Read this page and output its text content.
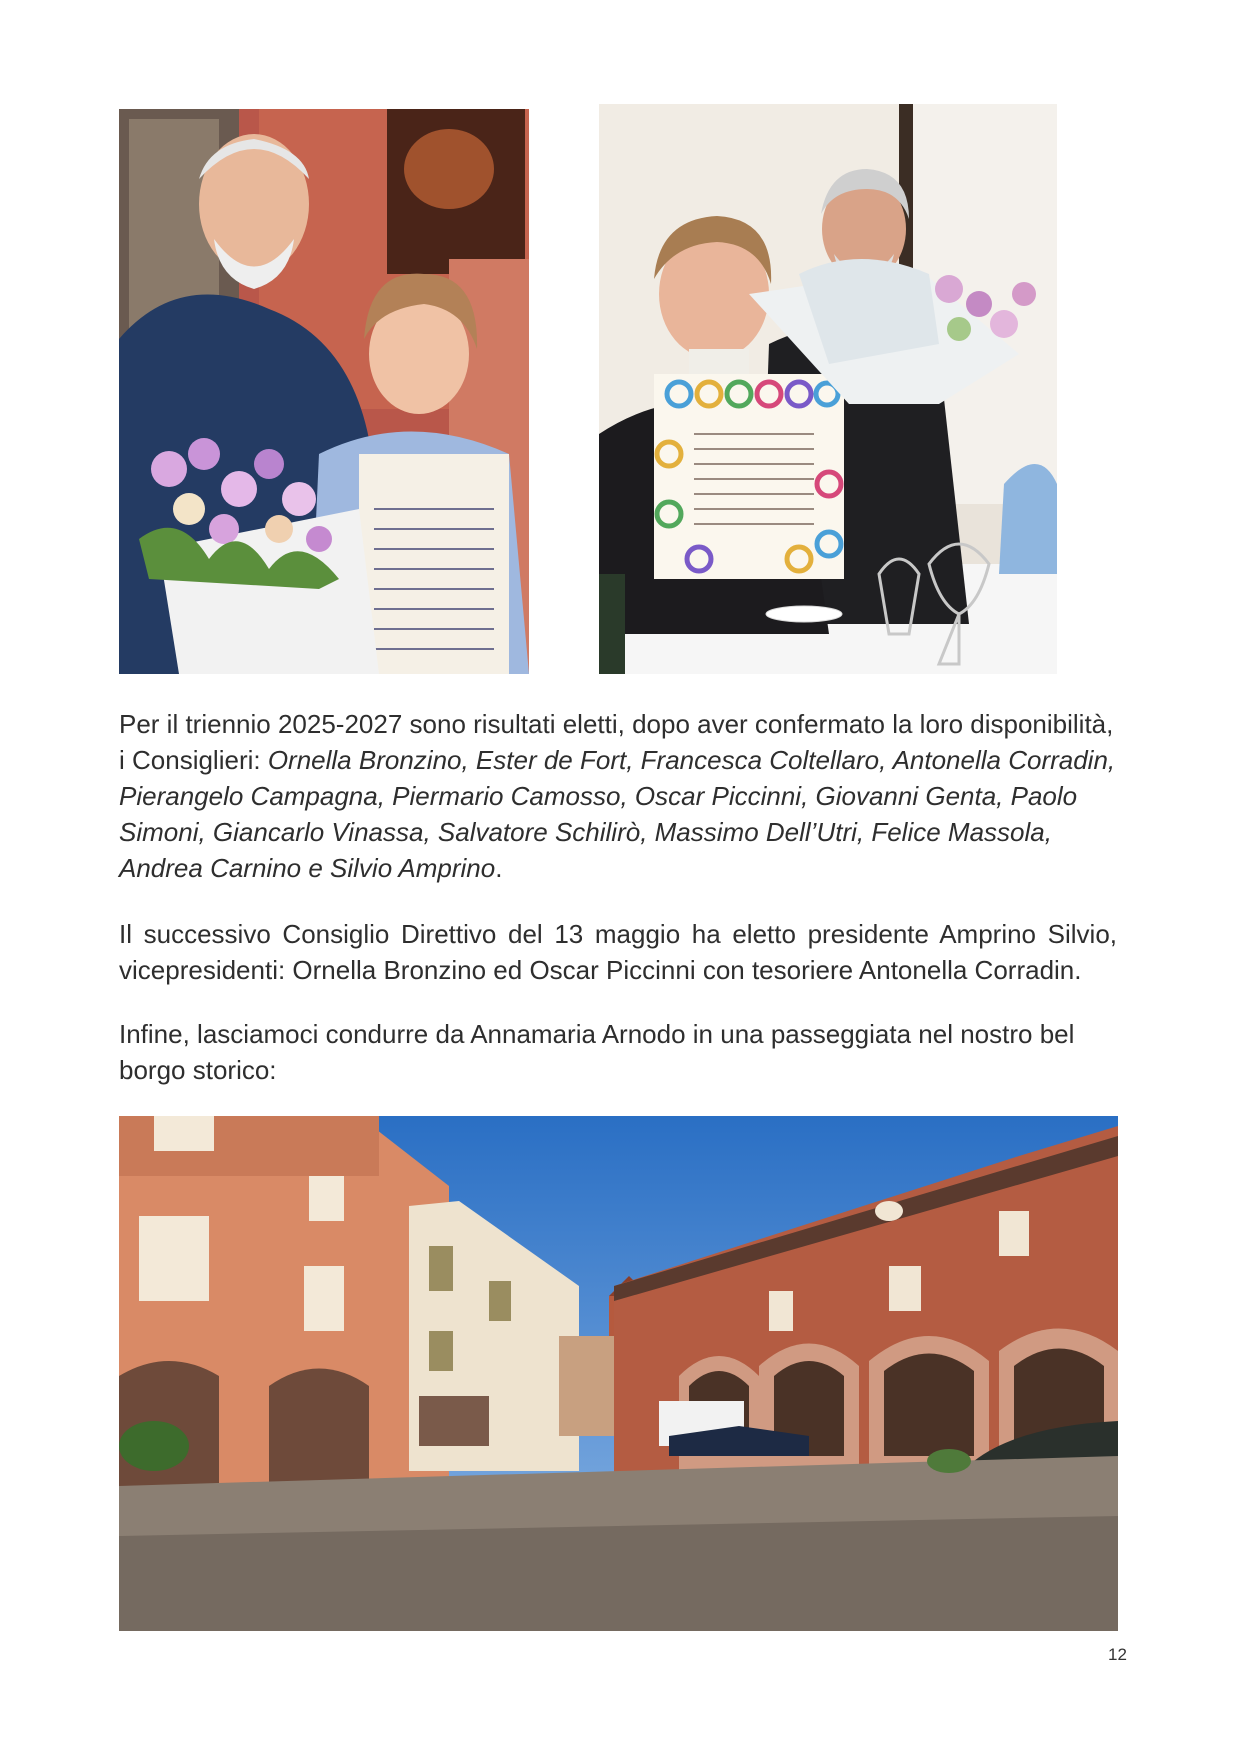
Per il triennio 2025-2027 sono risultati eletti, dopo aver confermato la loro disponibilità, i Consiglieri: Ornella Bronzino, Ester de Fort, Francesca Coltellaro, Antonella Corradin, Pierangelo Campagna, Piermario Camosso, Oscar Piccinni, Giovanni Genta, Paolo Simoni, Giancarlo Vinassa, Salvatore Schilirò, Massimo Dell’Utri, Felice Massola, Andrea Carnino e Silvio Amprino.

Il successivo Consiglio Direttivo del 13 maggio ha eletto presidente Amprino Silvio, vicepresidenti: Ornella Bronzino ed Oscar Piccinni con tesoriere Antonella Corradin.

Infine, lasciamoci condurre da Annamaria Arnodo in una passeggiata nel nostro bel borgo storico:

12
